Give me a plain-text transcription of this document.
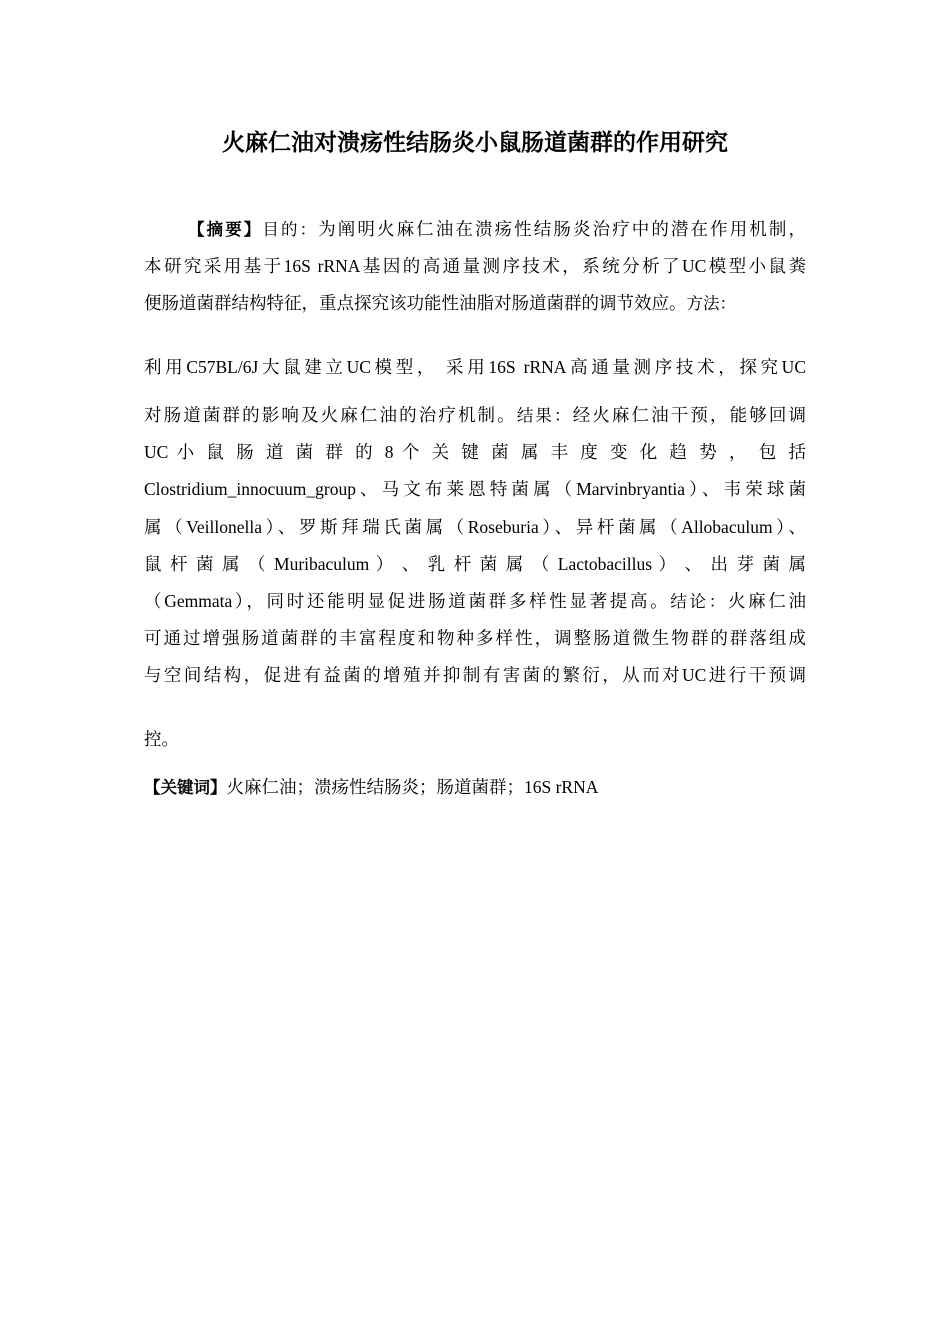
火麻仁油对溃疡性结肠炎小鼠肠道菌群的作用研究
【摘要】目的：为阐明火麻仁油在溃疡性结肠炎治疗中的潜在作用机制，
本研究采用基于16S rRNA基因的高通量测序技术，系统分析了UC模型小鼠粪
便肠道菌群结构特征，重点探究该功能性油脂对肠道菌群的调节效应。方法：
利用C57BL/6J大鼠建立UC模型， 采用16S rRNA高通量测序技术，探究UC
对肠道菌群的影响及火麻仁油的治疗机制。结果：经火麻仁油干预，能够回调
UC 小 鼠 肠 道 菌 群 的 8 个 关 键 菌 属 丰 度 变 化 趋 势 ， 包 括
Clostridium_innocuum_group、马文布莱恩特菌属（Marvinbryantia）、韦荣球菌
属（Veillonella）、罗斯拜瑞氏菌属（Roseburia）、异杆菌属（Allobaculum）、
鼠 杆 菌 属 （ Muribaculum ） 、 乳 杆 菌 属 （ Lactobacillus ） 、 出 芽 菌 属
（Gemmata），同时还能明显促进肠道菌群多样性显著提高。结论：火麻仁油
可通过增强肠道菌群的丰富程度和物种多样性，调整肠道微生物群的群落组成
与空间结构，促进有益菌的增殖并抑制有害菌的繁衍，从而对UC进行干预调
控。
【关键词】火麻仁油；溃疡性结肠炎；肠道菌群；16S rRNA
